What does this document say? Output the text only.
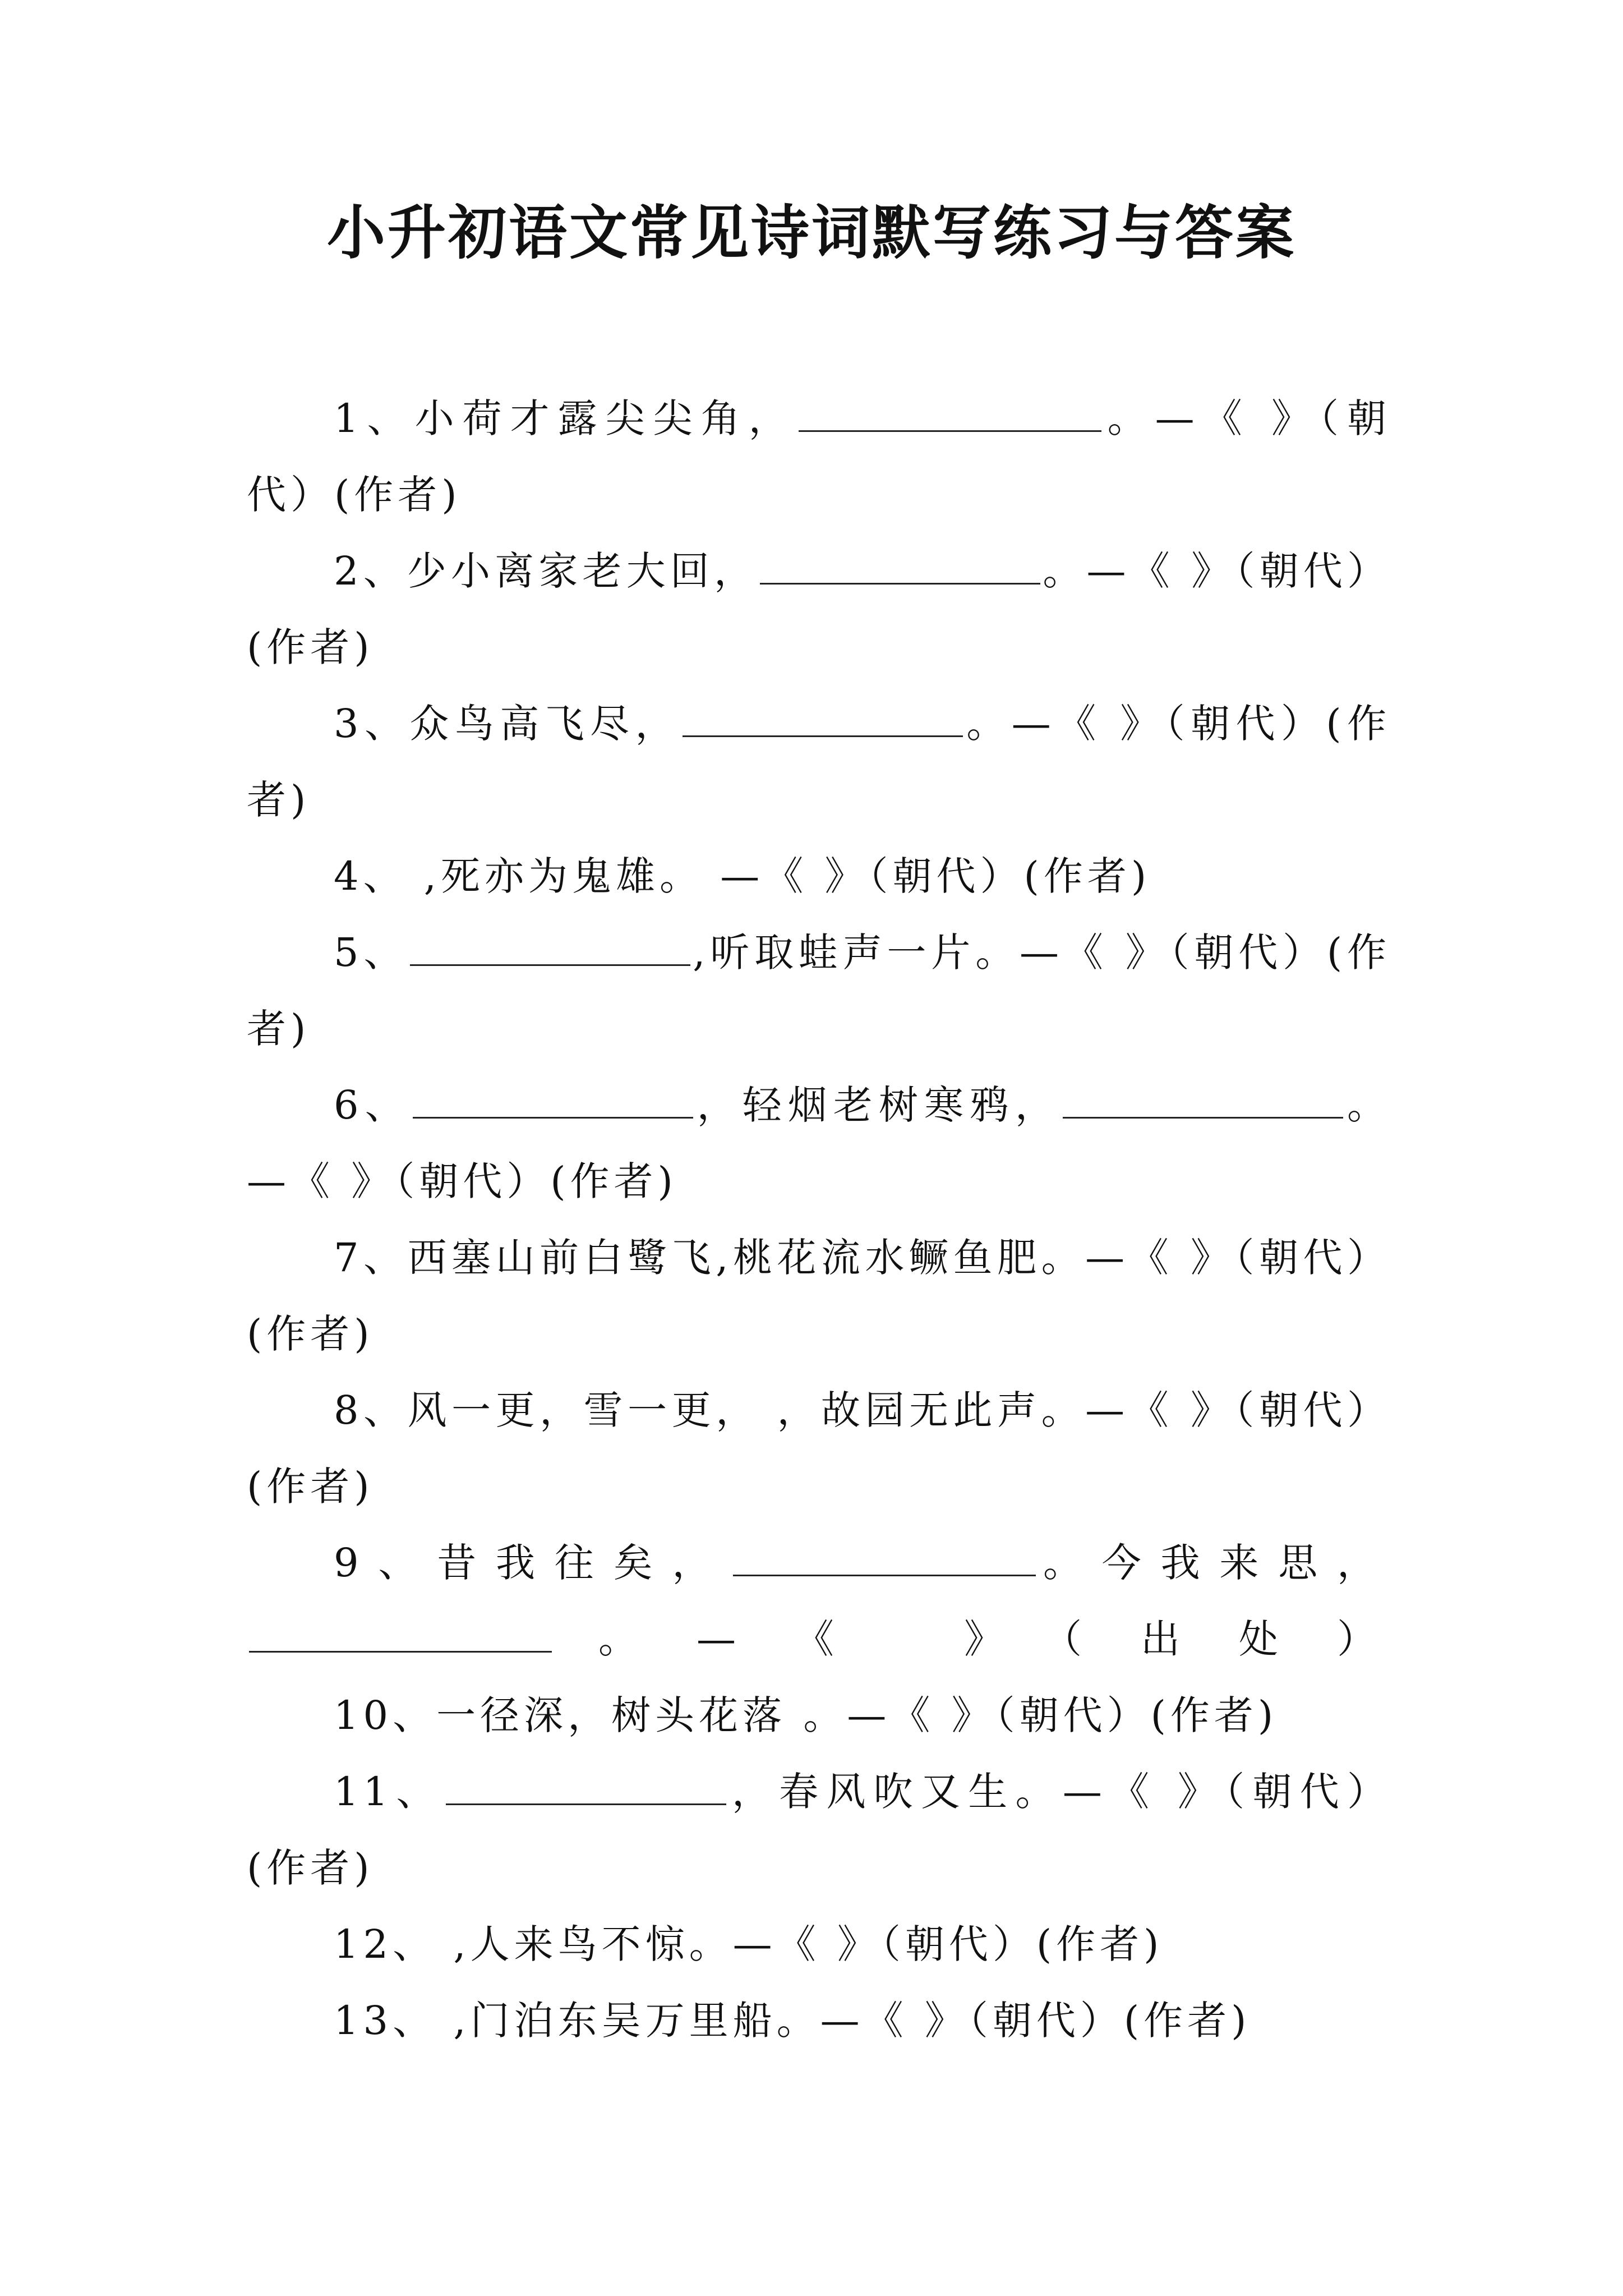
小升初语文常见诗词默写练习与答案

1、小荷才露尖尖角，	。—《 》（朝代）(作者)

2、少小离家老大回，	。—《 》（朝代）(作者)

3、众鸟高飞尽，	。—《 》（朝代）(作者)

4、 ,死亦为鬼雄。 —《 》（朝代）(作者)

5、	,听取蛙声一片。—《 》（朝代）(作者)

6、	，轻烟老树寒鸦，	。—《 》（朝代）(作者)

7、西塞山前白鹭飞,桃花流水鳜鱼肥。—《 》（朝代）(作者)

8、风一更，雪一更， ，故园无此声。—《 》（朝代）(作者)

9、昔我往矣，	。今我来思，。—《 》（出处）

10、一径深，树头花落 。—《 》（朝代）(作者)

11、	，春风吹又生。—《 》（朝代）(作者)

12、 ,人来鸟不惊。—《 》（朝代）(作者)

13、 ,门泊东吴万里船。—《 》（朝代）(作者)
